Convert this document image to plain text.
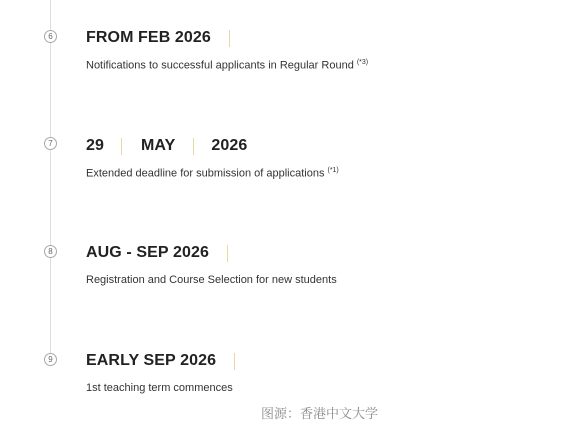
6 FROM FEB 2026
Notifications to successful applicants in Regular Round $^{(*3)}$
7 29 MAY 2026
Extended deadline for submission of applications $^{(*1)}$
8 AUG - SEP 2026
Registration and Course Selection for new students
9 EARLY SEP 2026
1st teaching term commences
图源：香港中文大学
